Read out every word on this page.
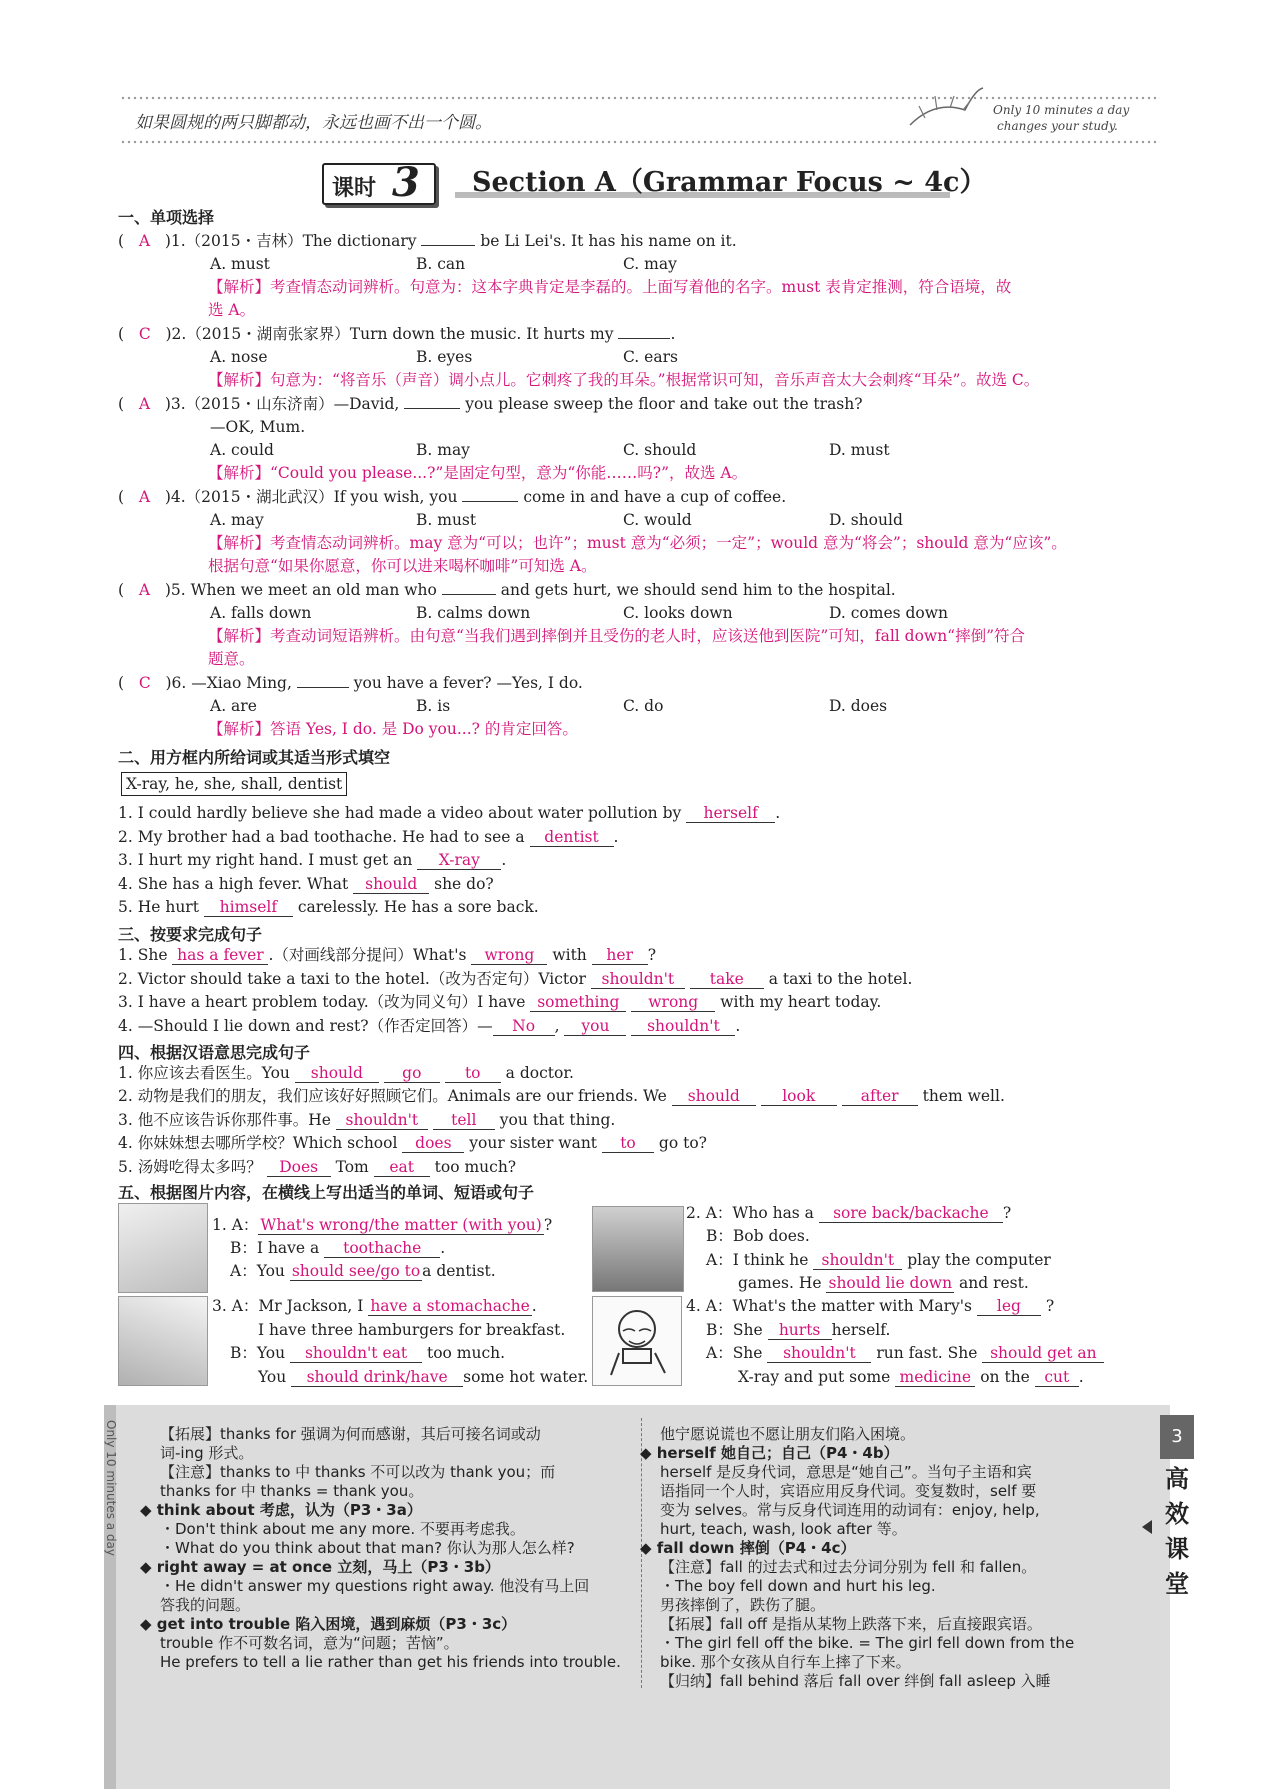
如果圆规的两只脚都动，永远也画不出一个圆。
Only 10 minutes a day
changes your study.
课时 3 Section A（Grammar Focus ~ 4c）
一、单项选择
(   A )1.（2015・吉林）The dictionary	be Li Lei's. It has his name on it.
A. must	B. can	C. may
【解析】考查情态动词辨析。句意为：这本字典肯定是李磊的。上面写着他的名字。must 表肯定推测，符合语境，故
选 A。
(   C )2.（2015・湖南张家界）Turn down the music. It hurts my	.
A. nose	B. eyes	C. ears
【解析】句意为：“将音乐（声音）调小点儿。它刺疼了我的耳朵。”根据常识可知，音乐声音太大会刺疼“耳朵”。故选 C。
(   A )3.（2015・山东济南）—David,	you please sweep the floor and take out the trash?
—OK, Mum.
A. could	B. may	C. should	D. must
【解析】“Could you please...?”是固定句型，意为“你能……吗?”，故选 A。
(   A )4.（2015・湖北武汉）If you wish, you	come in and have a cup of coffee.
A. may	B. must	C. would	D. should
【解析】考查情态动词辨析。may 意为“可以；也许”；must 意为“必须；一定”；would 意为“将会”；should 意为“应该”。
根据句意“如果你愿意，你可以进来喝杯咖啡”可知选 A。
(   A )5. When we meet an old man who	and gets hurt, we should send him to the hospital.
A. falls down	B. calms down	C. looks down	D. comes down
【解析】考查动词短语辨析。由句意“当我们遇到摔倒并且受伤的老人时，应该送他到医院”可知，fall down“摔倒”符合
题意。
(   C )6. —Xiao Ming,	you have a fever? —Yes, I do.
A. are	B. is	C. do	D. does
【解析】答语 Yes, I do. 是 Do you...? 的肯定回答。
二、用方框内所给词或其适当形式填空
X-ray, he, she, shall, dentist
1. I could hardly believe she had made a video about water pollution by herself .
2. My brother had a bad toothache. He had to see a dentist .
3. I hurt my right hand. I must get an X-ray .
4. She has a high fever. What should she do?
5. He hurt himself carelessly. He has a sore back.
三、按要求完成句子
1. She has a fever .（对画线部分提问）What's wrong with her ?
2. Victor should take a taxi to the hotel.（改为否定句）Victor shouldn't take a taxi to the hotel.
3. I have a heart problem today.（改为同义句）I have something wrong with my heart today.
4. —Should I lie down and rest?（作否定回答）— No , you shouldn't .
四、根据汉语意思完成句子
1. 你应该去看医生。You should	go	to a doctor.
2. 动物是我们的朋友，我们应该好好照顾它们。Animals are our friends. We should	look	after them well.
3. 他不应该告诉你那件事。He shouldn't tell you that thing.
4. 你妹妹想去哪所学校？Which school does your sister want to go to?
5. 汤姆吃得太多吗？ Does Tom eat too much?
五、根据图片内容，在横线上写出适当的单词、短语或句子
1. A： What's wrong/the matter (with you) ?
B：I have a toothache .
A：You should see/go to a dentist.
2. A：Who has a sore back/backache ?
B：Bob does.
A：I think he shouldn't play the computer
games. He should lie down and rest.
3. A：Mr Jackson, I have a stomachache .
I have three hamburgers for breakfast.
B：You shouldn't eat too much.
You should drink/have some hot water.
4. A：What's the matter with Mary's leg ?
B：She hurts herself.
A：She shouldn't run fast. She should get an
X-ray and put some medicine on the cut .
Only 10 minutes a day	【拓展】thanks for 强调为何而感谢，其后可接名词或动
词-ing 形式。
【注意】thanks to 中 thanks 不可以改为 thank you；而
thanks for 中 thanks = thank you。
◆ think about 考虑，认为（P3・3a）
・Don't think about me any more. 不要再考虑我。
・What do you think about that man? 你认为那人怎么样?
◆ right away = at once 立刻，马上（P3・3b）
・He didn't answer my questions right away. 他没有马上回
答我的问题。
◆ get into trouble 陷入困境，遇到麻烦（P3・3c）
trouble 作不可数名词，意为“问题；苦恼”。
He prefers to tell a lie rather than get his friends into trouble.
他宁愿说谎也不愿让朋友们陷入困境。
◆ herself 她自己；自己（P4・4b）
herself 是反身代词，意思是“她自己”。当句子主语和宾
语指同一个人时，宾语应用反身代词。变复数时，self 要
变为 selves。常与反身代词连用的动词有：enjoy, help,
hurt, teach, wash, look after 等。
◆ fall down 摔倒（P4・4c）
【注意】fall 的过去式和过去分词分别为 fell 和 fallen。
・The boy fell down and hurt his leg.
男孩摔倒了，跌伤了腿。
【拓展】fall off 是指从某物上跌落下来，后直接跟宾语。
・The girl fell off the bike. = The girl fell down from the
bike. 那个女孩从自行车上摔了下来。
【归纳】fall behind 落后 fall over 绊倒 fall asleep 入睡
3
高
效
课
堂
